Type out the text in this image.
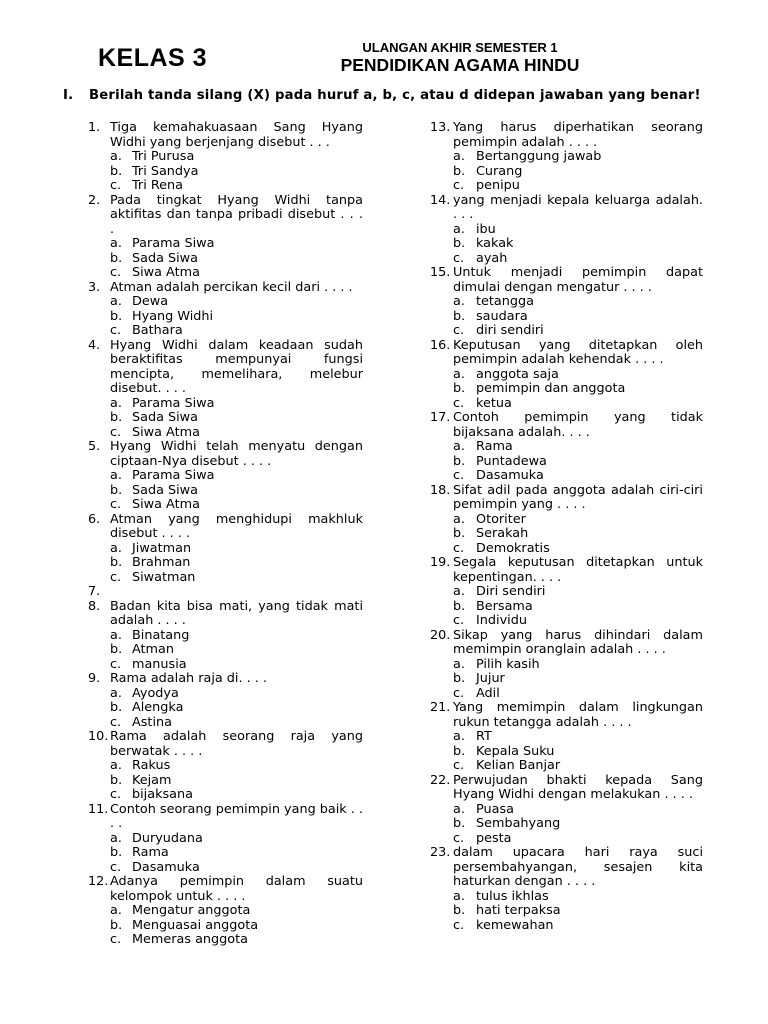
KELAS 3	ULANGAN AKHIR SEMESTER 1
PENDIDIKAN AGAMA HINDU
I. Berilah tanda silang (X) pada huruf a, b, c, atau d didepan jawaban yang benar!
1. Tiga kemahakuasaan Sang Hyang Widhi yang berjenjang disebut . . .
a. Tri Purusa
b. Tri Sandya
c. Tri Rena
2. Pada tingkat Hyang Widhi tanpa aktifitas dan tanpa pribadi disebut . . . .
a. Parama Siwa
b. Sada Siwa
c. Siwa Atma
3. Atman adalah percikan kecil dari . . . .
a. Dewa
b. Hyang Widhi
c. Bathara
4. Hyang Widhi dalam keadaan sudah beraktifitas mempunyai fungsi mencipta, memelihara, melebur disebut. . . .
a. Parama Siwa
b. Sada Siwa
c. Siwa Atma
5. Hyang Widhi telah menyatu dengan ciptaan-Nya disebut . . . .
a. Parama Siwa
b. Sada Siwa
c. Siwa Atma
6. Atman yang menghidupi makhluk disebut . . . .
a. Jiwatman
b. Brahman
c. Siwatman
7.
8. Badan kita bisa mati, yang tidak mati adalah . . . .
a. Binatang
b. Atman
c. manusia
9. Rama adalah raja di. . . .
a. Ayodya
b. Alengka
c. Astina
10. Rama adalah seorang raja yang berwatak . . . .
a. Rakus
b. Kejam
c. bijaksana
11. Contoh seorang pemimpin yang baik . . . .
a. Duryudana
b. Rama
c. Dasamuka
12. Adanya pemimpin dalam suatu kelompok untuk . . . .
a. Mengatur anggota
b. Menguasai anggota
c. Memeras anggota
13. Yang harus diperhatikan seorang pemimpin adalah . . . .
a. Bertanggung jawab
b. Curang
c. penipu
14. yang menjadi kepala keluarga adalah. . . .
a. ibu
b. kakak
c. ayah
15. Untuk menjadi pemimpin dapat dimulai dengan mengatur . . . .
a. tetangga
b. saudara
c. diri sendiri
16. Keputusan yang ditetapkan oleh pemimpin adalah kehendak . . . .
a. anggota saja
b. pemimpin dan anggota
c. ketua
17. Contoh pemimpin yang tidak bijaksana adalah. . . .
a. Rama
b. Puntadewa
c. Dasamuka
18. Sifat adil pada anggota adalah ciri-ciri pemimpin yang . . . .
a. Otoriter
b. Serakah
c. Demokratis
19. Segala keputusan ditetapkan untuk kepentingan. . . .
a. Diri sendiri
b. Bersama
c. Individu
20. Sikap yang harus dihindari dalam memimpin oranglain adalah . . . .
a. Pilih kasih
b. Jujur
c. Adil
21. Yang memimpin dalam lingkungan rukun tetangga adalah . . . .
a. RT
b. Kepala Suku
c. Kelian Banjar
22. Perwujudan bhakti kepada Sang Hyang Widhi dengan melakukan . . . .
a. Puasa
b. Sembahyang
c. pesta
23. dalam upacara hari raya suci persembahyangan, sesajen kita haturkan dengan . . . .
a. tulus ikhlas
b. hati terpaksa
c. kemewahan
